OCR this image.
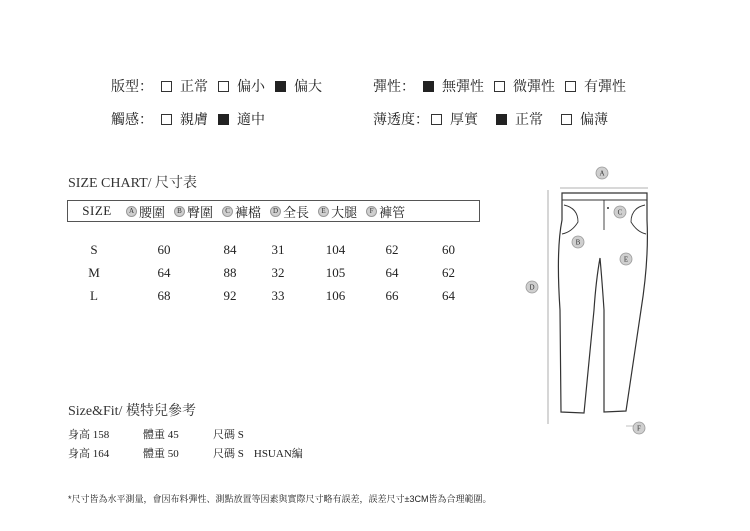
版型： 正常 偏小 偏大	彈性： 無彈性 微彈性 有彈性
觸感： 親膚 適中	薄透度： 厚實	正常	偏薄
SIZE CHART/ 尺寸表
SIZE	A 腰圍	B 臀圍	C 褲檔	D 全長	E 大腿	F 褲管
S	60	84	31	104	62	60
M	64	88	32	105	64	62
L	68	92	33	106	66	64
A
B
C
D
E
F
Size&Fit/ 模特兒參考
身高 158	體重 45	尺碼 S
身高 164	體重 50	尺碼 S HSUAN編
*尺寸皆為水平測量，會因布料彈性、測點放置等因素與實際尺寸略有誤差，誤差尺寸±3CM皆為合理範圍。
